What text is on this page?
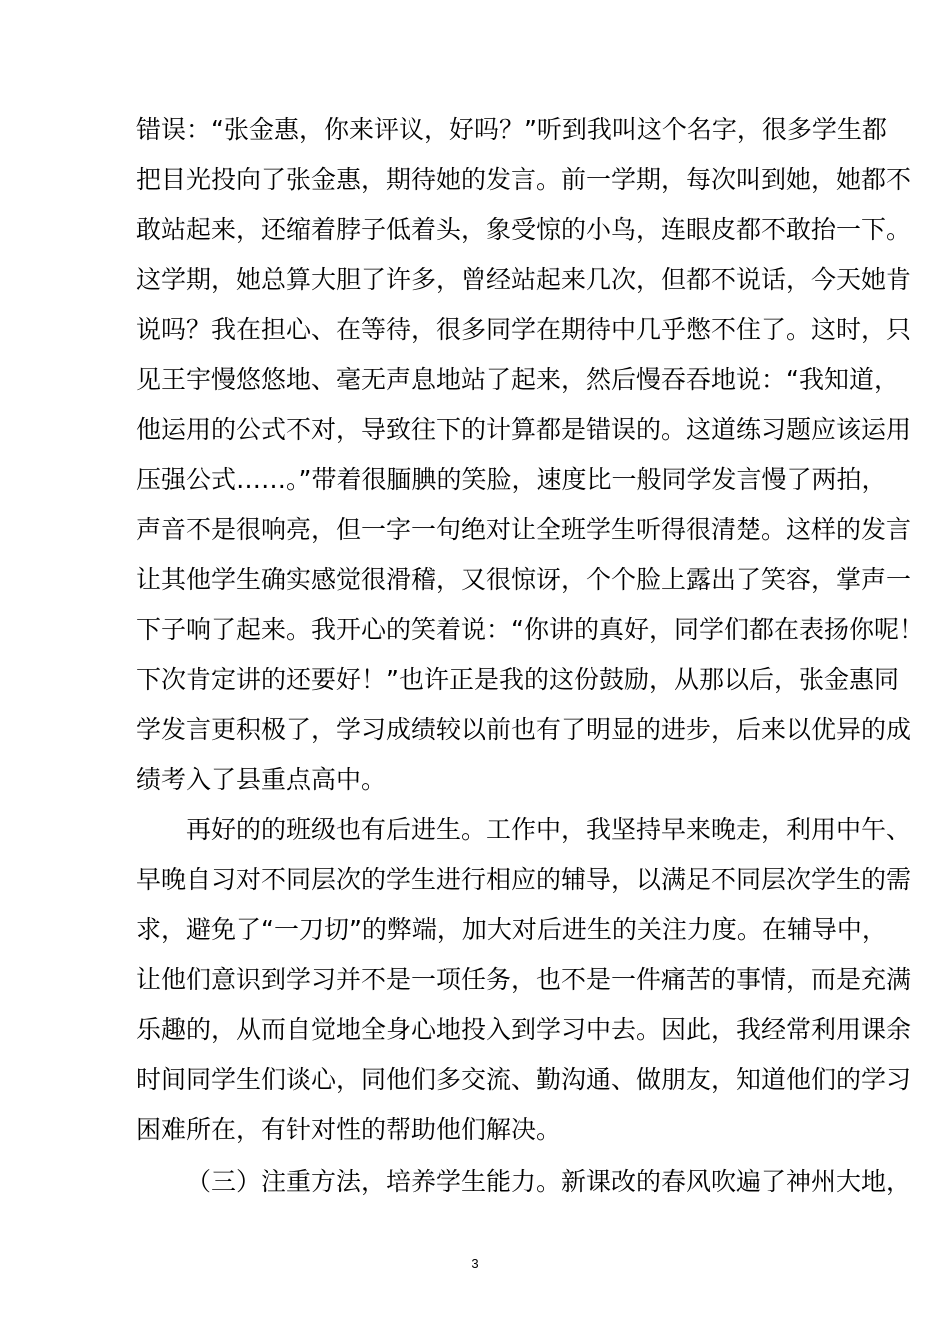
错误：“张金惠，你来评议，好吗？”听到我叫这个名字，很多学生都
把目光投向了张金惠，期待她的发言。前一学期，每次叫到她，她都不
敢站起来，还缩着脖子低着头，象受惊的小鸟，连眼皮都不敢抬一下。
这学期，她总算大胆了许多，曾经站起来几次，但都不说话，今天她肯
说吗？我在担心、在等待，很多同学在期待中几乎憋不住了。这时，只
见王宇慢悠悠地、毫无声息地站了起来，然后慢吞吞地说：“我知道，
他运用的公式不对，导致往下的计算都是错误的。这道练习题应该运用
压强公式……。”带着很腼腆的笑脸，速度比一般同学发言慢了两拍，
声音不是很响亮，但一字一句绝对让全班学生听得很清楚。这样的发言
让其他学生确实感觉很滑稽，又很惊讶，个个脸上露出了笑容，掌声一
下子响了起来。我开心的笑着说：“你讲的真好，同学们都在表扬你呢！
下次肯定讲的还要好！”也许正是我的这份鼓励，从那以后，张金惠同
学发言更积极了，学习成绩较以前也有了明显的进步，后来以优异的成
绩考入了县重点高中。
再好的的班级也有后进生。工作中，我坚持早来晚走，利用中午、
早晚自习对不同层次的学生进行相应的辅导，以满足不同层次学生的需
求，避免了“一刀切”的弊端，加大对后进生的关注力度。在辅导中，
让他们意识到学习并不是一项任务，也不是一件痛苦的事情，而是充满
乐趣的，从而自觉地全身心地投入到学习中去。因此，我经常利用课余
时间同学生们谈心，同他们多交流、勤沟通、做朋友，知道他们的学习
困难所在，有针对性的帮助他们解决。
（三）注重方法，培养学生能力。新课改的春风吹遍了神州大地，
3
